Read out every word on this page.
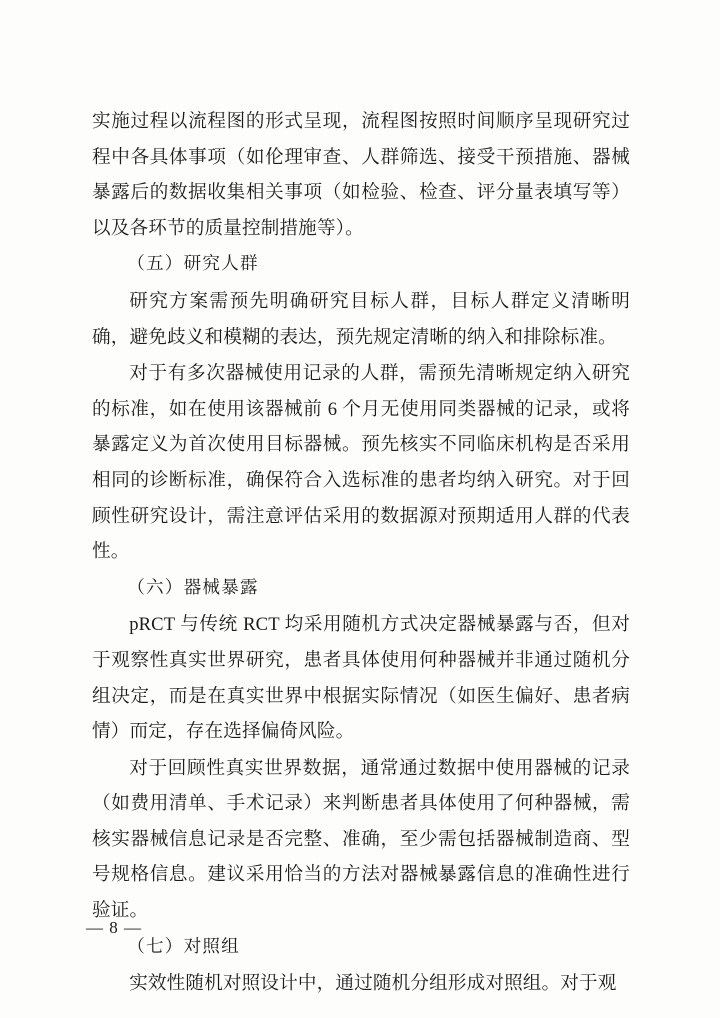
实施过程以流程图的形式呈现，流程图按照时间顺序呈现研究过程中各具体事项（如伦理审查、人群筛选、接受干预措施、器械暴露后的数据收集相关事项（如检验、检查、评分量表填写等）以及各环节的质量控制措施等）。

（五）研究人群

研究方案需预先明确研究目标人群，目标人群定义清晰明确，避免歧义和模糊的表达，预先规定清晰的纳入和排除标准。

对于有多次器械使用记录的人群，需预先清晰规定纳入研究的标准，如在使用该器械前 6 个月无使用同类器械的记录，或将暴露定义为首次使用目标器械。预先核实不同临床机构是否采用相同的诊断标准，确保符合入选标准的患者均纳入研究。对于回顾性研究设计，需注意评估采用的数据源对预期适用人群的代表性。

（六）器械暴露

pRCT 与传统 RCT 均采用随机方式决定器械暴露与否，但对于观察性真实世界研究，患者具体使用何种器械并非通过随机分组决定，而是在真实世界中根据实际情况（如医生偏好、患者病情）而定，存在选择偏倚风险。

对于回顾性真实世界数据，通常通过数据中使用器械的记录（如费用清单、手术记录）来判断患者具体使用了何种器械，需核实器械信息记录是否完整、准确，至少需包括器械制造商、型号规格信息。建议采用恰当的方法对器械暴露信息的准确性进行验证。

（七）对照组

实效性随机对照设计中，通过随机分组形成对照组。对于观

— 8 —
